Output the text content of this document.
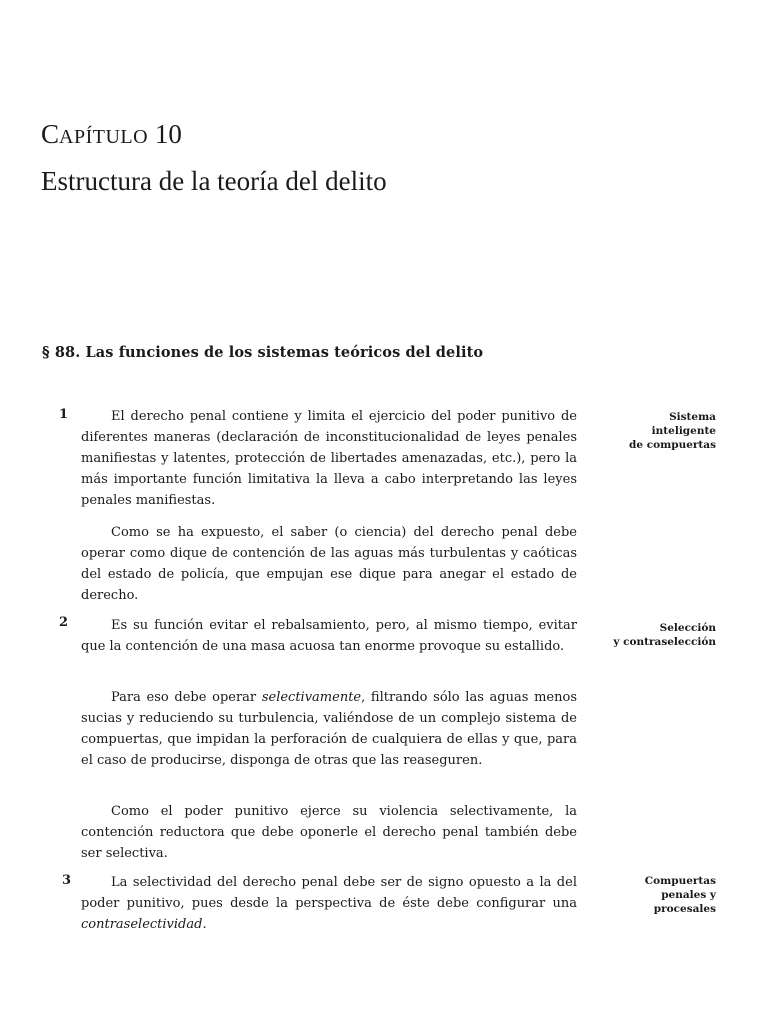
CAPÍTULO 10
Estructura de la teoría del delito
§ 88. Las funciones de los sistemas teóricos del delito
1
2
3
Sistema
inteligente
de compuertas
Selección
y contraselección
Compuertas
penales y
procesales

El derecho penal contiene y limita el ejercicio del poder punitivo de diferentes maneras (declaración de inconstitucionalidad de leyes penales manifiestas y latentes, protección de libertades amenazadas, etc.), pero la más importante función limitativa la lleva a cabo interpretando las leyes penales manifiestas.

Como se ha expuesto, el saber (o ciencia) del derecho penal debe operar como dique de contención de las aguas más turbulentas y caóticas del estado de policía, que empujan ese dique para anegar el estado de derecho.

Es su función evitar el rebalsamiento, pero, al mismo tiempo, evitar que la contención de una masa acuosa tan enorme provoque su estallido.

Para eso debe operar selectivamente, filtrando sólo las aguas menos sucias y reduciendo su turbulencia, valiéndose de un complejo sistema de compuertas, que impidan la perforación de cualquiera de ellas y que, para el caso de producirse, disponga de otras que las reaseguren.

Como el poder punitivo ejerce su violencia selectivamente, la contención reductora que debe oponerle el derecho penal también debe ser selectiva.

La selectividad del derecho penal debe ser de signo opuesto a la del poder punitivo, pues desde la perspectiva de éste debe configurar una contraselectividad.
